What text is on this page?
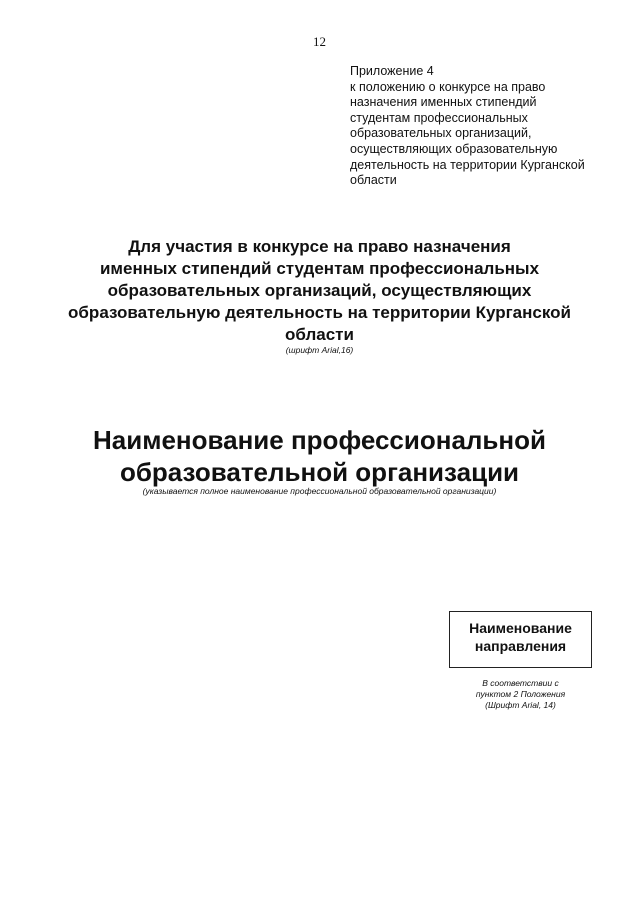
12
Приложение 4
к положению о конкурсе на право
назначения именных стипендий
студентам профессиональных
образовательных организаций,
осуществляющих образовательную
деятельность на территории Курганской
области
Для участия в конкурсе на право назначения
именных стипендий студентам профессиональных
образовательных организаций, осуществляющих
образовательную деятельность на территории Курганской
области
(шрифт Arial,16)
Наименование профессиональной
образовательной организации
(указывается полное наименование профессиональной образовательной организации)
Наименование
направления
В соответствии с
пунктом 2 Положения
(Шрифт Arial, 14)
